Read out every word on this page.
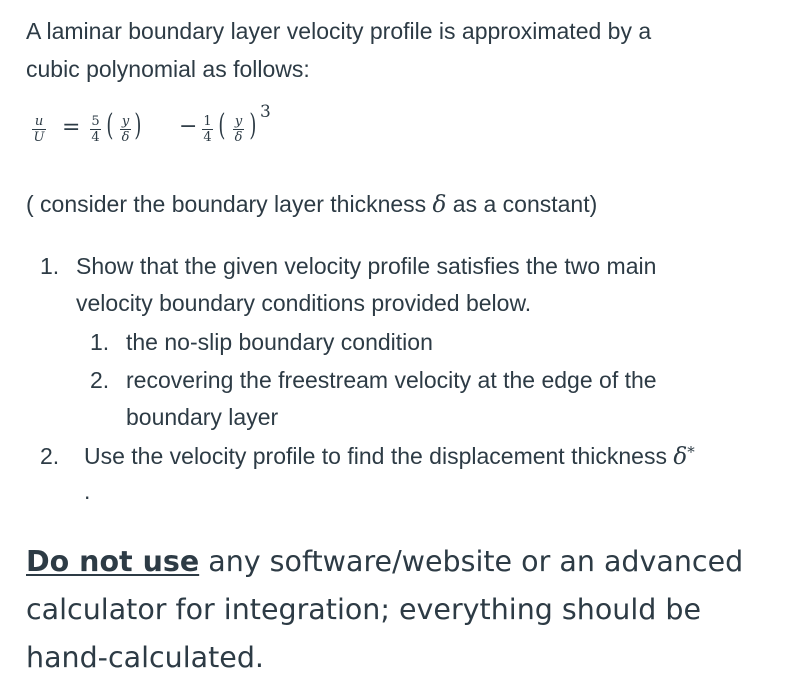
A laminar boundary layer velocity profile is approximated by a
cubic polynomial as follows:

u
U = 5
4 ( y
δ ) − 1
4 ( y
δ ) 3
( consider the boundary layer thickness δ as a constant)
1. Show that the given velocity profile satisfies the two main
velocity boundary conditions provided below.
1. the no-slip boundary condition
2. recovering the freestream velocity at the edge of the
boundary layer
2. Use the velocity profile to find the displacement thickness δ*
.
Do not use any software/website or an advanced calculator for integration; everything should be hand-calculated.
